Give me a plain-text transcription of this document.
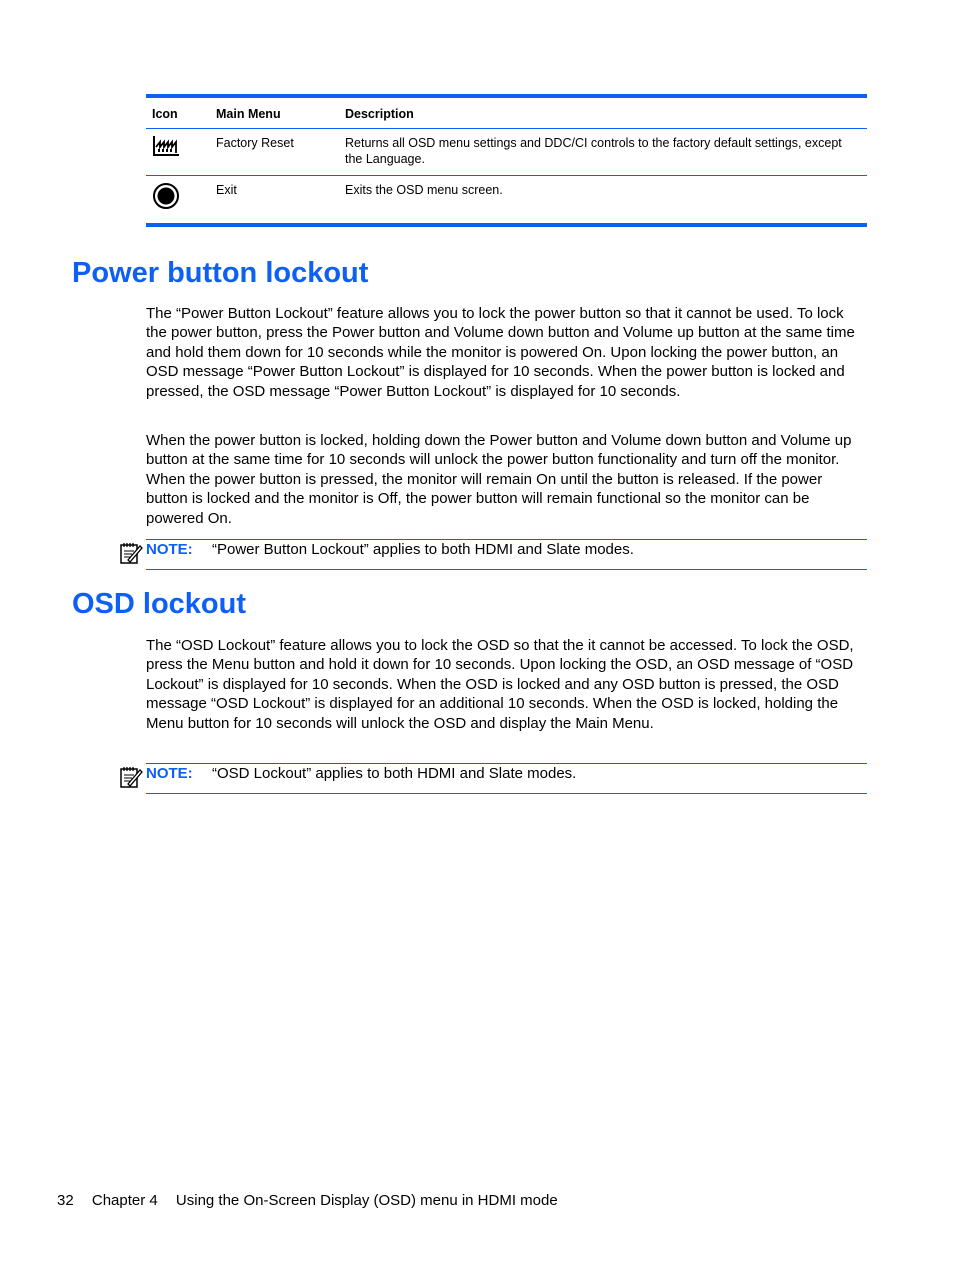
Icon	Main Menu	Description
	Factory Reset	Returns all OSD menu settings and DDC/CI controls to the factory default settings, except the Language.
	Exit	Exits the OSD menu screen.
Power button lockout

The “Power Button Lockout” feature allows you to lock the power button so that it cannot be used. To lock the power button, press the Power button and Volume down button and Volume up button at the same time and hold them down for 10 seconds while the monitor is powered On. Upon locking the power button, an OSD message “Power Button Lockout” is displayed for 10 seconds. When the power button is locked and pressed, the OSD message “Power Button Lockout” is displayed for 10 seconds.

When the power button is locked, holding down the Power button and Volume down button and Volume up button at the same time for 10 seconds will unlock the power button functionality and turn off the monitor. When the power button is pressed, the monitor will remain On until the button is released. If the power button is locked and the monitor is Off, the power button will remain functional so the monitor can be powered On.

NOTE: “Power Button Lockout” applies to both HDMI and Slate modes.
OSD lockout

The “OSD Lockout” feature allows you to lock the OSD so that the it cannot be accessed. To lock the OSD, press the Menu button and hold it down for 10 seconds. Upon locking the OSD, an OSD message of “OSD Lockout” is displayed for 10 seconds. When the OSD is locked and any OSD button is pressed, the OSD message “OSD Lockout” is displayed for an additional 10 seconds. When the OSD is locked, holding the Menu button for 10 seconds will unlock the OSD and display the Main Menu.

NOTE: “OSD Lockout” applies to both HDMI and Slate modes.
32 Chapter 4 Using the On-Screen Display (OSD) menu in HDMI mode
